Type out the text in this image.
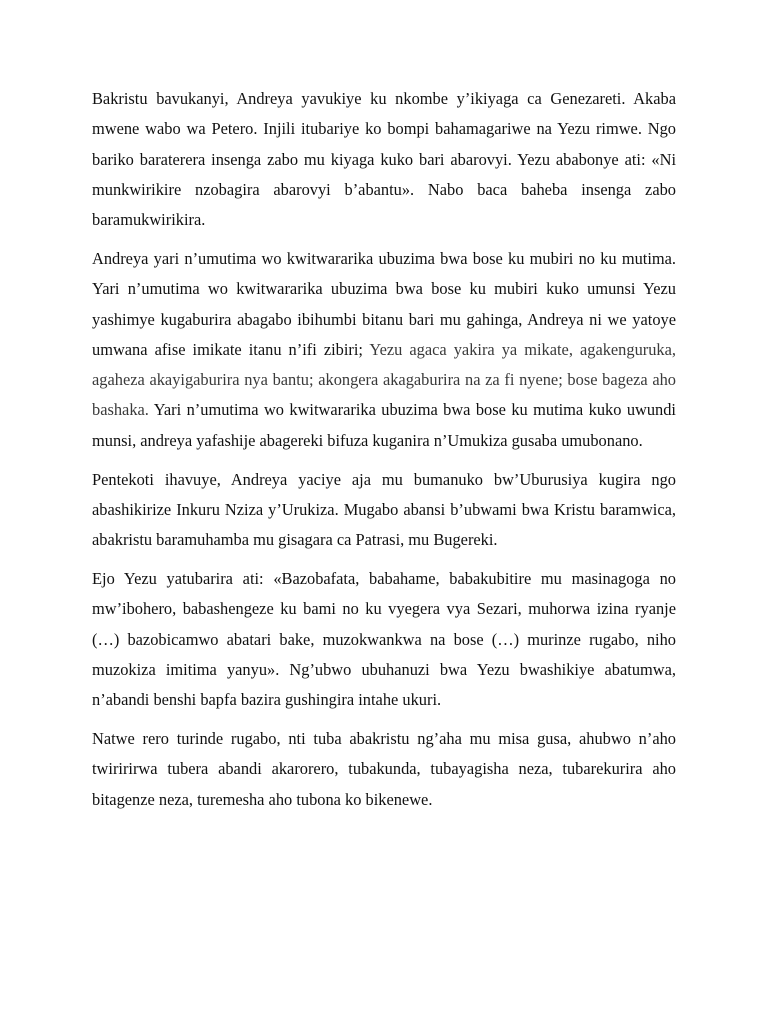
Bakristu bavukanyi, Andreya yavukiye ku nkombe y’ikiyaga ca Genezareti. Akaba mwene wabo wa Petero. Injili itubariye ko bompi bahamagariwe na Yezu rimwe. Ngo bariko baraterera insenga zabo mu kiyaga kuko bari abarovyi. Yezu ababonye ati: «Ni munkwirikire nzobagira abarovyi b’abantu». Nabo baca baheba insenga zabo baramukwirikira.

Andreya yari n’umutima wo kwitwararika ubuzima bwa bose ku mubiri no ku mutima. Yari n’umutima wo kwitwararika ubuzima bwa bose ku mubiri kuko umunsi Yezu yashimye kugaburira abagabo ibihumbi bitanu bari mu gahinga, Andreya ni we yatoye umwana afise imikate itanu n’ifi zibiri; Yezu agaca yakira ya mikate, agakenguruka, agaheza akayigaburira nya bantu; akongera akagaburira na za fi nyene; bose bageza aho bashaka. Yari n’umutima wo kwitwararika ubuzima bwa bose ku mutima kuko uwundi munsi, andreya yafashije abagereki bifuza kuganira n’Umukiza gusaba umubonano.

Pentekoti ihavuye, Andreya yaciye aja mu bumanuko bw’Uburusiya kugira ngo abashikirize Inkuru Nziza y’Urukiza. Mugabo abansi b’ubwami bwa Kristu baramwica, abakristu baramuhamba mu gisagara ca Patrasi, mu Bugereki.

Ejo Yezu yatubarira ati: «Bazobafata, babahame, babakubitire mu masinagoga no mw’ibohero, babashengeze ku bami no ku vyegera vya Sezari, muhorwa izina ryanje (…) bazobicamwo abatari bake, muzokwankwa na bose (…) murinze rugabo, niho muzokiza imitima yanyu». Ng’ubwo ubuhanuzi bwa Yezu bwashikiye abatumwa, n’abandi benshi bapfa bazira gushingira intahe ukuri.

Natwe rero turinde rugabo, nti tuba abakristu ng’aha mu misa gusa, ahubwo n’aho twiririrwa tubera abandi akarorero, tubakunda, tubayagisha neza, tubarekurira aho bitagenze neza, turemesha aho tubona ko bikenewe.
